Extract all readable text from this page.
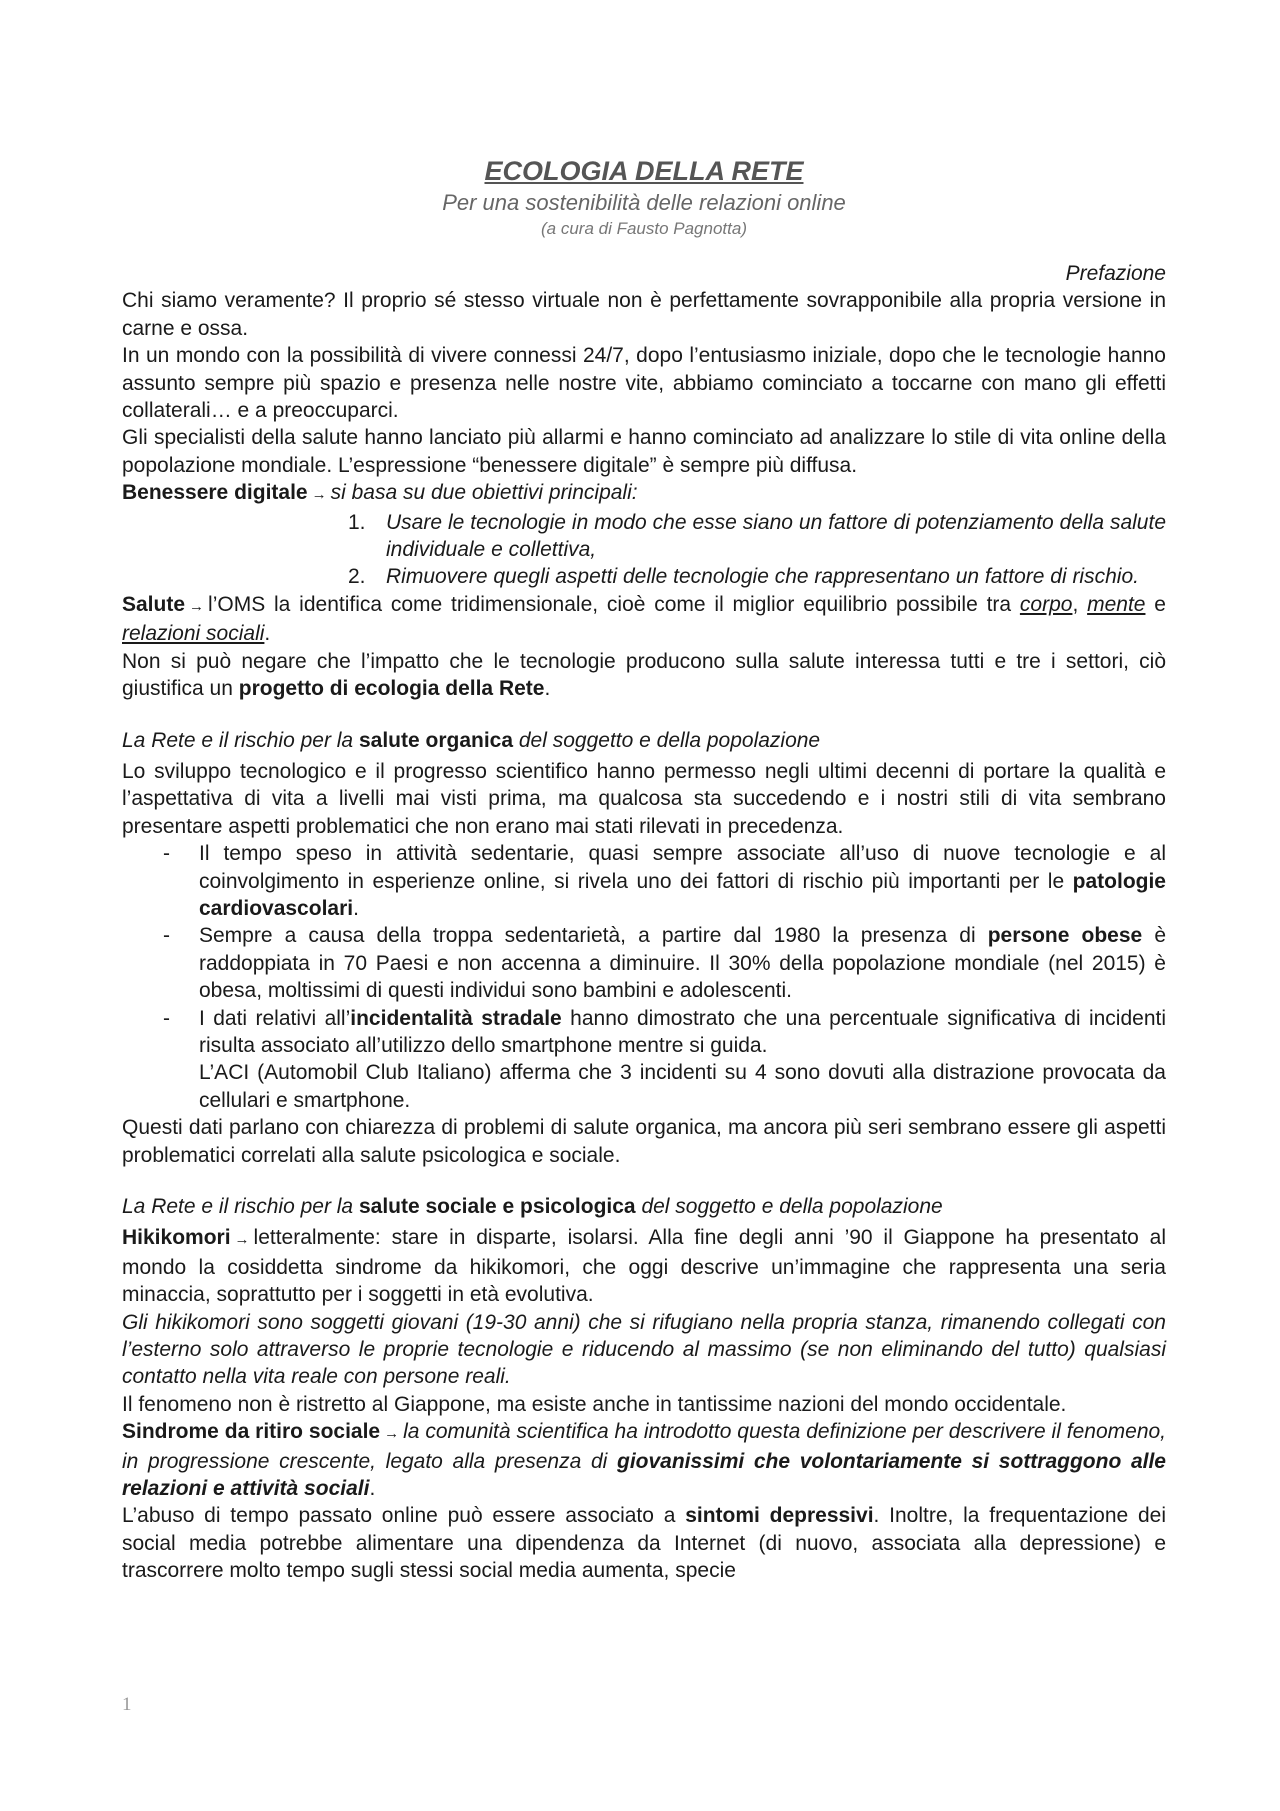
ECOLOGIA DELLA RETE
Per una sostenibilità delle relazioni online
(a cura di Fausto Pagnotta)
Prefazione

Chi siamo veramente? Il proprio sé stesso virtuale non è perfettamente sovrapponibile alla propria versione in carne e ossa.

In un mondo con la possibilità di vivere connessi 24/7, dopo l’entusiasmo iniziale, dopo che le tecnologie hanno assunto sempre più spazio e presenza nelle nostre vite, abbiamo cominciato a toccarne con mano gli effetti collaterali… e a preoccuparci.

Gli specialisti della salute hanno lanciato più allarmi e hanno cominciato ad analizzare lo stile di vita online della popolazione mondiale. L’espressione “benessere digitale” è sempre più diffusa.

Benessere digitale → si basa su due obiettivi principali:

1. Usare le tecnologie in modo che esse siano un fattore di potenziamento della salute individuale e collettiva,
2. Rimuovere quegli aspetti delle tecnologie che rappresentano un fattore di rischio.

Salute → l’OMS la identifica come tridimensionale, cioè come il miglior equilibrio possibile tra corpo, mente e relazioni sociali.

Non si può negare che l’impatto che le tecnologie producono sulla salute interessa tutti e tre i settori, ciò giustifica un progetto di ecologia della Rete.

La Rete e il rischio per la salute organica del soggetto e della popolazione

Lo sviluppo tecnologico e il progresso scientifico hanno permesso negli ultimi decenni di portare la qualità e l’aspettativa di vita a livelli mai visti prima, ma qualcosa sta succedendo e i nostri stili di vita sembrano presentare aspetti problematici che non erano mai stati rilevati in precedenza.

- Il tempo speso in attività sedentarie, quasi sempre associate all’uso di nuove tecnologie e al coinvolgimento in esperienze online, si rivela uno dei fattori di rischio più importanti per le patologie cardiovascolari.
- Sempre a causa della troppa sedentarietà, a partire dal 1980 la presenza di persone obese è raddoppiata in 70 Paesi e non accenna a diminuire. Il 30% della popolazione mondiale (nel 2015) è obesa, moltissimi di questi individui sono bambini e adolescenti.
- I dati relativi all’incidentalità stradale hanno dimostrato che una percentuale significativa di incidenti risulta associato all’utilizzo dello smartphone mentre si guida.
L’ACI (Automobil Club Italiano) afferma che 3 incidenti su 4 sono dovuti alla distrazione provocata da cellulari e smartphone.

Questi dati parlano con chiarezza di problemi di salute organica, ma ancora più seri sembrano essere gli aspetti problematici correlati alla salute psicologica e sociale.

La Rete e il rischio per la salute sociale e psicologica del soggetto e della popolazione

Hikikomori → letteralmente: stare in disparte, isolarsi. Alla fine degli anni ’90 il Giappone ha presentato al mondo la cosiddetta sindrome da hikikomori, che oggi descrive un’immagine che rappresenta una seria minaccia, soprattutto per i soggetti in età evolutiva.

Gli hikikomori sono soggetti giovani (19-30 anni) che si rifugiano nella propria stanza, rimanendo collegati con l’esterno solo attraverso le proprie tecnologie e riducendo al massimo (se non eliminando del tutto) qualsiasi contatto nella vita reale con persone reali.

Il fenomeno non è ristretto al Giappone, ma esiste anche in tantissime nazioni del mondo occidentale.

Sindrome da ritiro sociale → la comunità scientifica ha introdotto questa definizione per descrivere il fenomeno, in progressione crescente, legato alla presenza di giovanissimi che volontariamente si sottraggono alle relazioni e attività sociali.

L’abuso di tempo passato online può essere associato a sintomi depressivi. Inoltre, la frequentazione dei social media potrebbe alimentare una dipendenza da Internet (di nuovo, associata alla depressione) e trascorrere molto tempo sugli stessi social media aumenta, specie

1
